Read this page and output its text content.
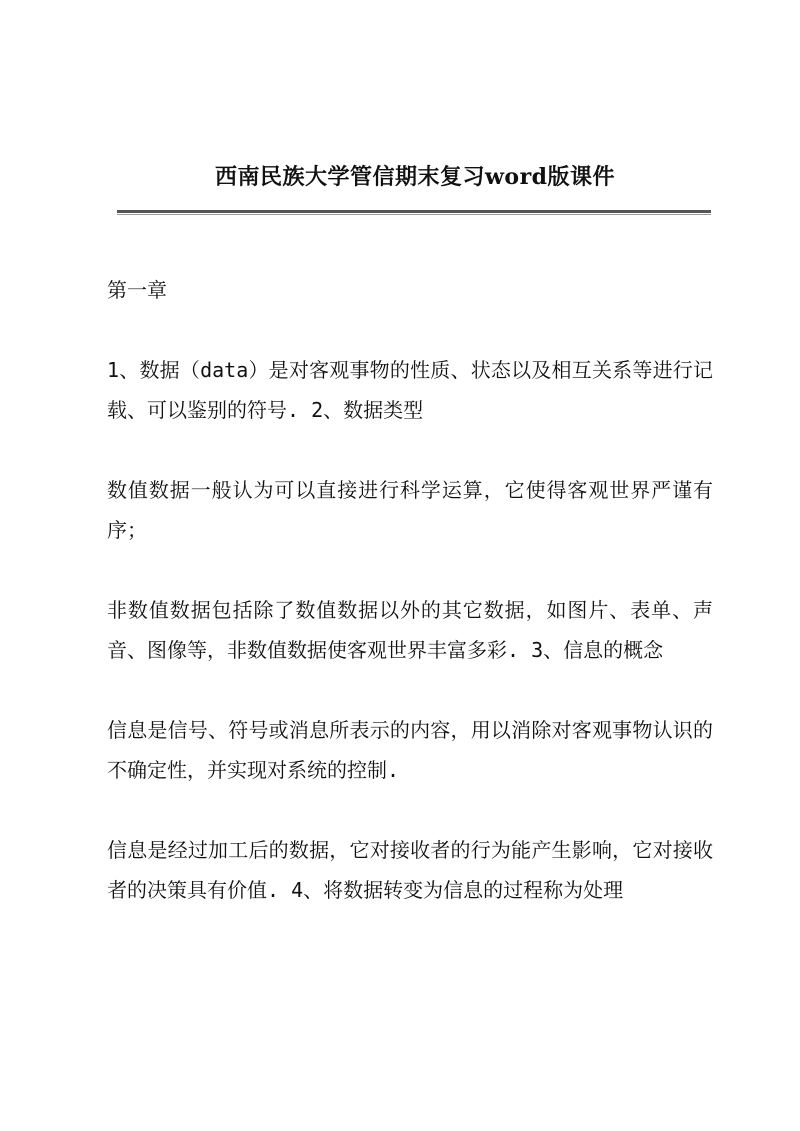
西南民族大学管信期末复习word版课件

第一章

1、数据（data）是对客观事物的性质、状态以及相互关系等进行记载、可以鉴别的符号. 2、数据类型

数值数据一般认为可以直接进行科学运算，它使得客观世界严谨有序；

非数值数据包括除了数值数据以外的其它数据，如图片、表单、声音、图像等，非数值数据使客观世界丰富多彩. 3、信息的概念

信息是信号、符号或消息所表示的内容，用以消除对客观事物认识的不确定性，并实现对系统的控制.

信息是经过加工后的数据，它对接收者的行为能产生影响，它对接收者的决策具有价值. 4、将数据转变为信息的过程称为处理
